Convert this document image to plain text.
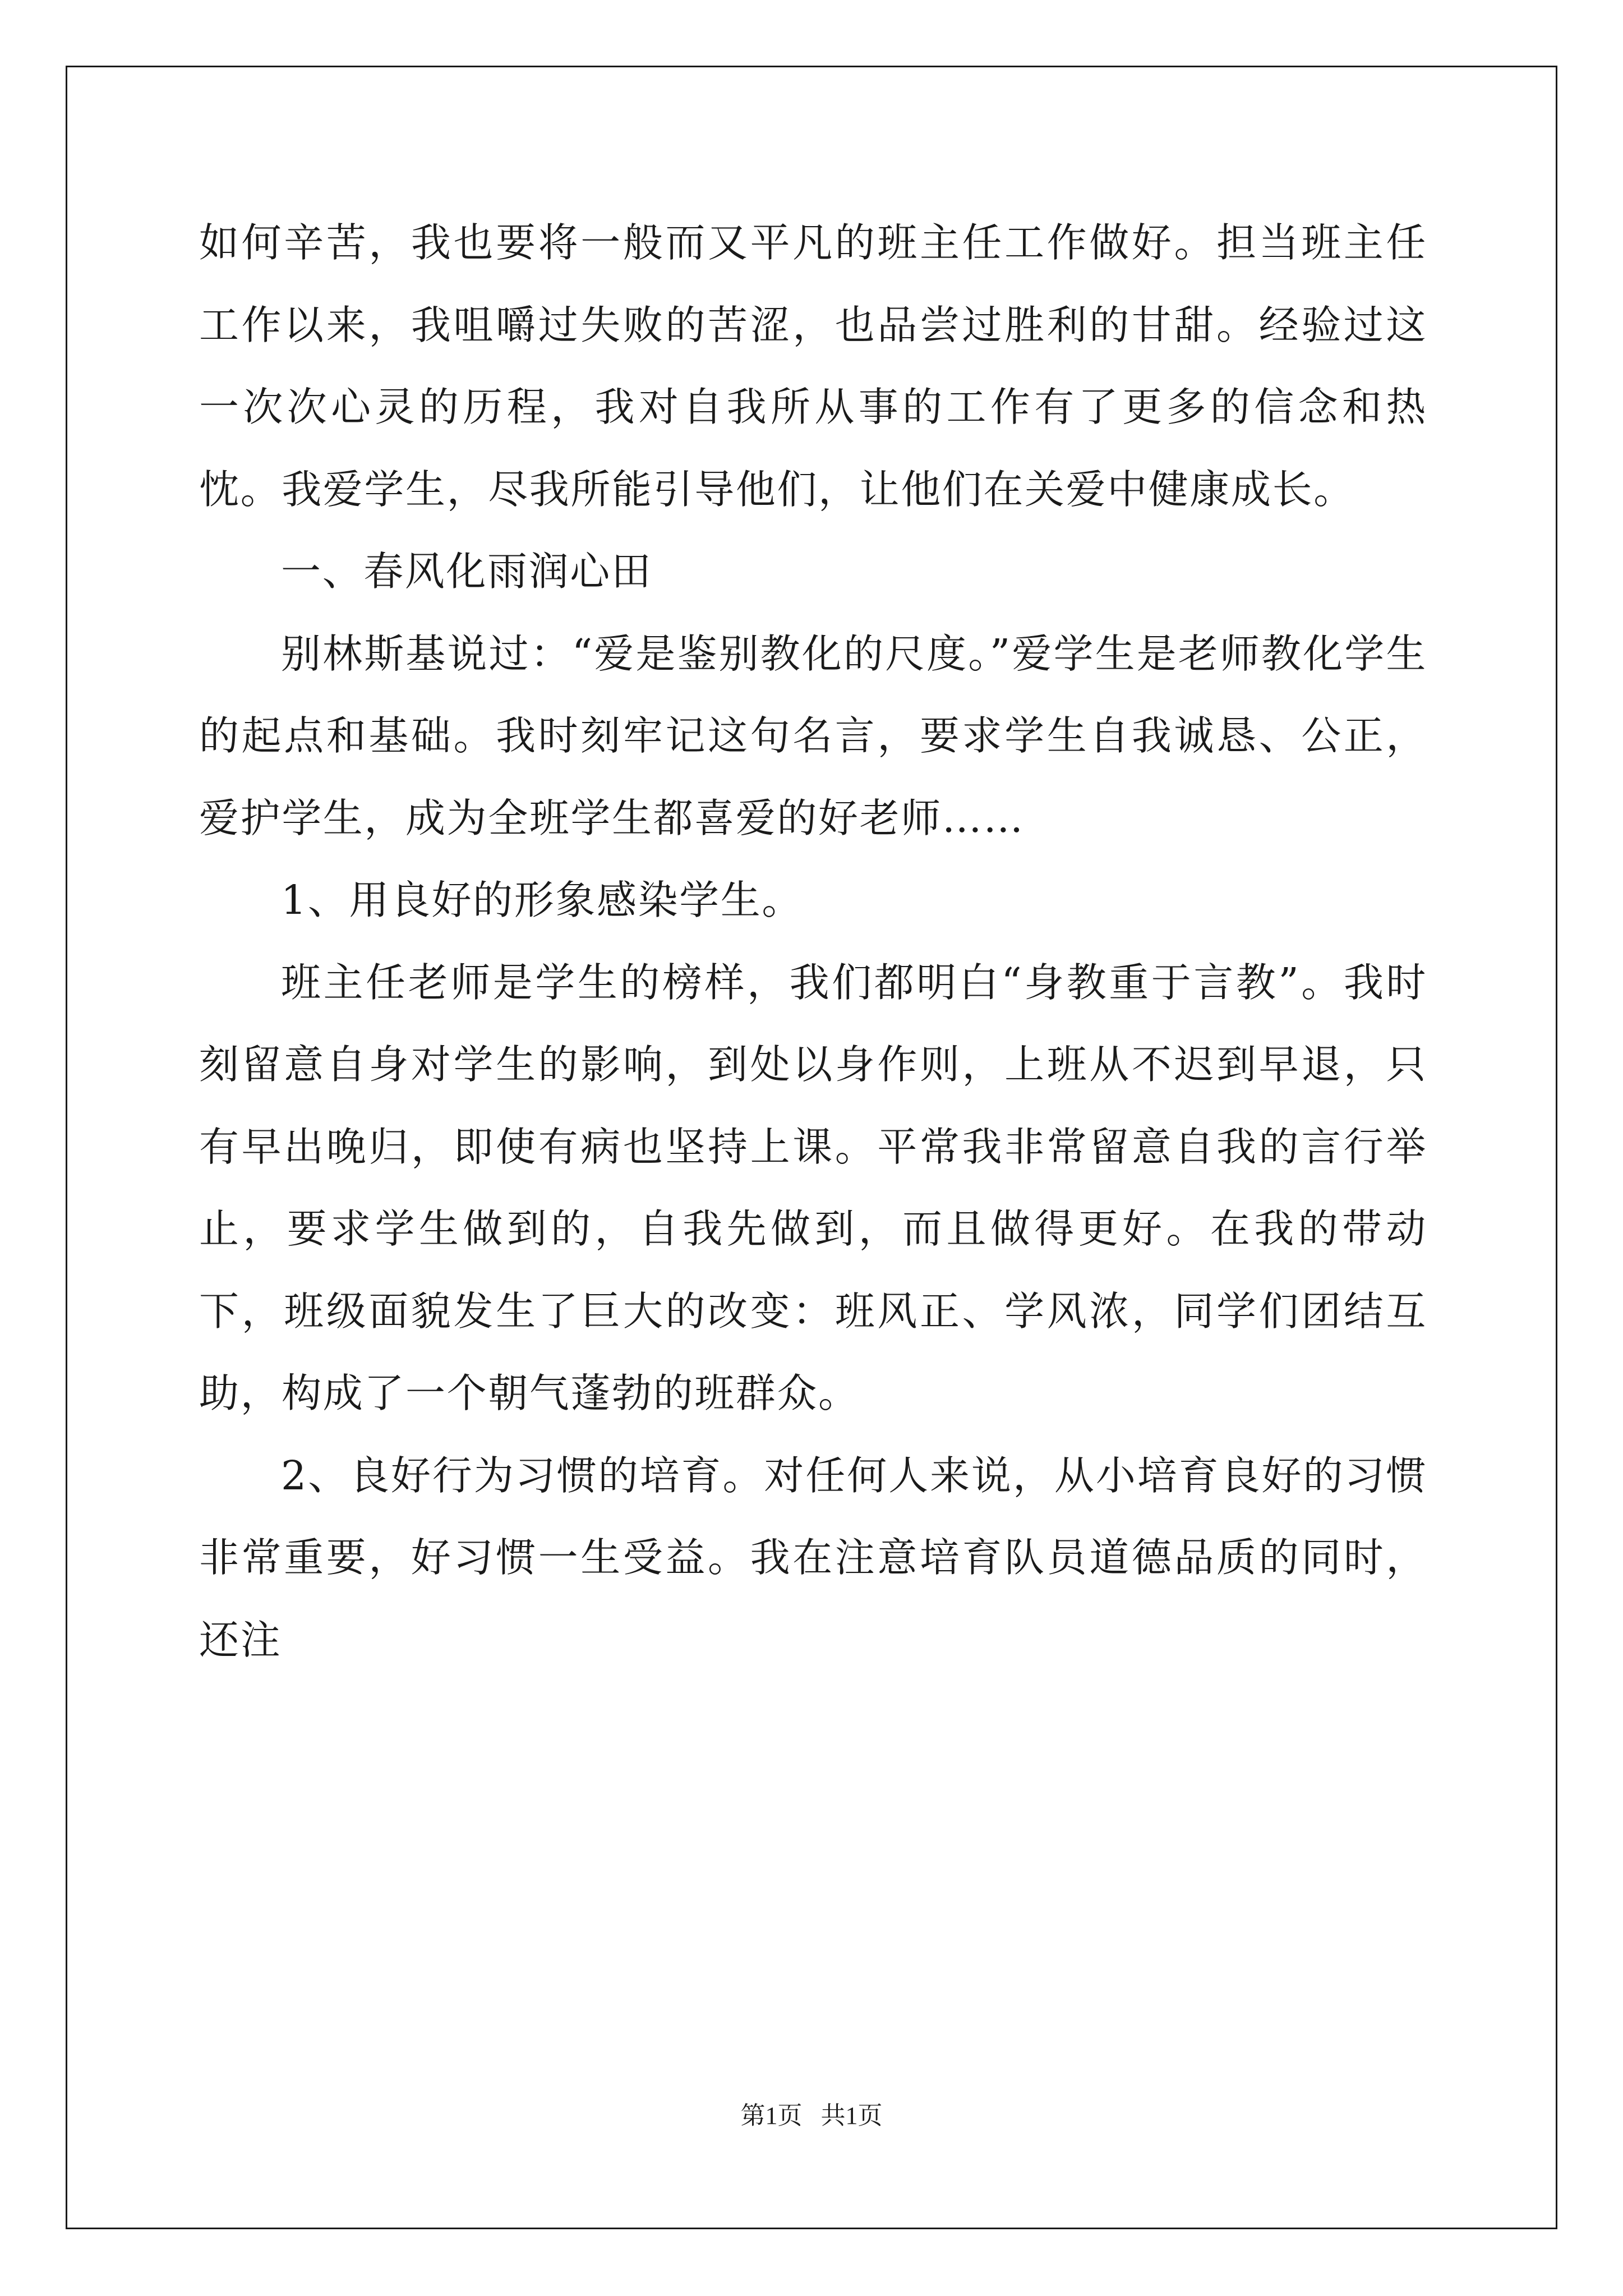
如何辛苦，我也要将一般而又平凡的班主任工作做好。担当班主任工作以来，我咀嚼过失败的苦涩，也品尝过胜利的甘甜。经验过这一次次心灵的历程，我对自我所从事的工作有了更多的信念和热忱。我爱学生，尽我所能引导他们，让他们在关爱中健康成长。

一、春风化雨润心田

别林斯基说过：“爱是鉴别教化的尺度。”爱学生是老师教化学生的起点和基础。我时刻牢记这句名言，要求学生自我诚恳、公正，爱护学生，成为全班学生都喜爱的好老师……

1、用良好的形象感染学生。

班主任老师是学生的榜样，我们都明白“身教重于言教”。我时刻留意自身对学生的影响，到处以身作则，上班从不迟到早退，只有早出晚归，即使有病也坚持上课。平常我非常留意自我的言行举止，要求学生做到的，自我先做到，而且做得更好。在我的带动下，班级面貌发生了巨大的改变：班风正、学风浓，同学们团结互助，构成了一个朝气蓬勃的班群众。

2、良好行为习惯的培育。对任何人来说，从小培育良好的习惯非常重要，好习惯一生受益。我在注意培育队员道德品质的同时，还注

第1页   共1页
